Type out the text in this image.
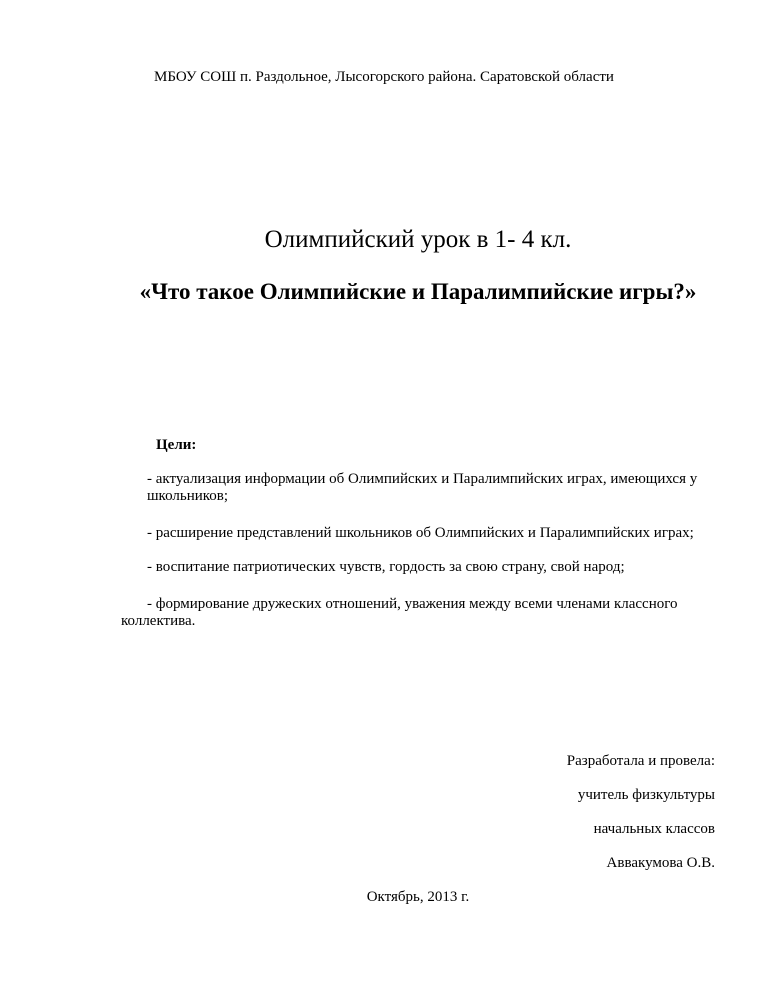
МБОУ СОШ п. Раздольное, Лысогорского района. Саратовской области

Олимпийский урок в 1- 4 кл.

«Что такое Олимпийские и Паралимпийские игры?»

Цели:

- актуализация информации об Олимпийских и Паралимпийских играх, имеющихся у школьников;

- расширение представлений школьников об Олимпийских и Паралимпийских играх;

- воспитание патриотических чувств, гордость за свою страну, свой народ;

- формирование дружеских отношений, уважения между всеми членами классного коллектива.

Разработала и провела:

учитель физкультуры

начальных классов

Аввакумова О.В.

Октябрь, 2013 г.
